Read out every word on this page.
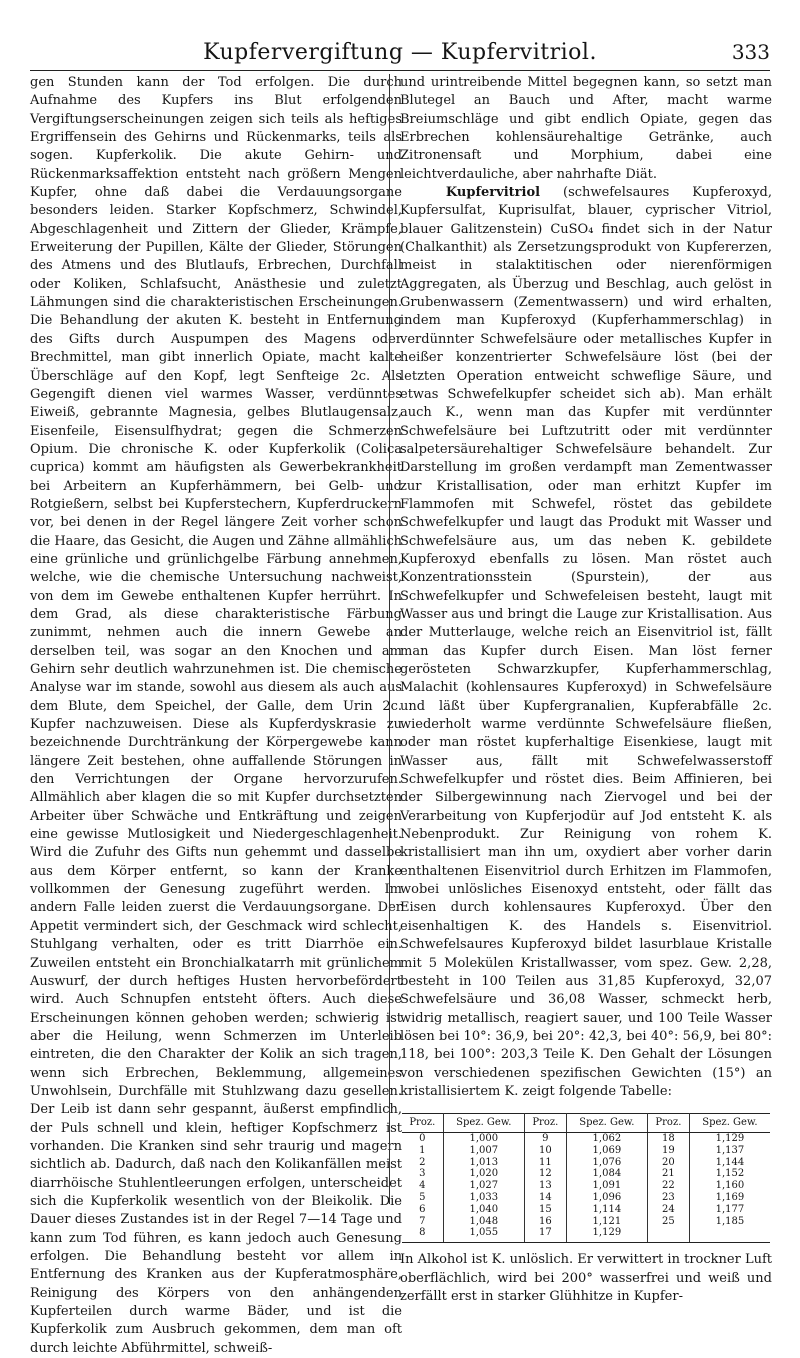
Kupfervergiftung — Kupfervitriol.	333

gen Stunden kann der Tod erfolgen. Die durch Aufnahme des Kupfers ins Blut erfolgenden Vergiftungserscheinungen zeigen sich teils als heftiges Ergriffensein des Gehirns und Rückenmarks, teils als sogen. Kupferkolik. Die akute Gehirn- und Rückenmarksaffektion entsteht nach größern Mengen Kupfer, ohne daß dabei die Verdauungsorgane besonders leiden. Starker Kopfschmerz, Schwindel, Abgeschlagenheit und Zittern der Glieder, Krämpfe, Erweiterung der Pupillen, Kälte der Glieder, Störungen des Atmens und des Blutlaufs, Erbrechen, Durchfall oder Koliken, Schlafsucht, Anästhesie und zuletzt Lähmungen sind die charakteristischen Erscheinungen. Die Behandlung der akuten K. besteht in Entfernung des Gifts durch Auspumpen des Magens oder Brechmittel, man gibt innerlich Opiate, macht kalte Überschläge auf den Kopf, legt Senfteige 2c. Als Gegengift dienen viel warmes Wasser, verdünntes Eiweiß, gebrannte Magnesia, gelbes Blutlaugensalz, Eisenfeile, Eisensulfhydrat; gegen die Schmerzen Opium. Die chronische K. oder Kupferkolik (Colica cuprica) kommt am häufigsten als Gewerbekrankheit bei Arbeitern an Kupferhämmern, bei Gelb- und Rotgießern, selbst bei Kupferstechern, Kupferdruckern vor, bei denen in der Regel längere Zeit vorher schon die Haare, das Gesicht, die Augen und Zähne allmählich eine grünliche und grünlichgelbe Färbung annehmen, welche, wie die chemische Untersuchung nachweist, von dem im Gewebe enthaltenen Kupfer herrührt. In dem Grad, als diese charakteristische Färbung zunimmt, nehmen auch die innern Gewebe an derselben teil, was sogar an den Knochen und am Gehirn sehr deutlich wahrzunehmen ist. Die chemische Analyse war im stande, sowohl aus diesem als auch aus dem Blute, dem Speichel, der Galle, dem Urin 2c. Kupfer nachzuweisen. Diese als Kupferdyskrasie zu bezeichnende Durchtränkung der Körpergewebe kann längere Zeit bestehen, ohne auffallende Störungen in den Verrichtungen der Organe hervorzurufen. Allmählich aber klagen die so mit Kupfer durchsetzten Arbeiter über Schwäche und Entkräftung und zeigen eine gewisse Mutlosigkeit und Niedergeschlagenheit. Wird die Zufuhr des Gifts nun gehemmt und dasselbe aus dem Körper entfernt, so kann der Kranke vollkommen der Genesung zugeführt werden. Im andern Falle leiden zuerst die Verdauungsorgane. Der Appetit vermindert sich, der Geschmack wird schlecht, Stuhlgang verhalten, oder es tritt Diarrhöe ein. Zuweilen entsteht ein Bronchialkatarrh mit grünlichem Auswurf, der durch heftiges Husten hervorbefördert wird. Auch Schnupfen entsteht öfters. Auch diese Erscheinungen können gehoben werden; schwierig ist aber die Heilung, wenn Schmerzen im Unterleib eintreten, die den Charakter der Kolik an sich tragen, wenn sich Erbrechen, Beklemmung, allgemeines Unwohlsein, Durchfälle mit Stuhlzwang dazu gesellen. Der Leib ist dann sehr gespannt, äußerst empfindlich, der Puls schnell und klein, heftiger Kopfschmerz ist vorhanden. Die Kranken sind sehr traurig und magern sichtlich ab. Dadurch, daß nach den Kolikanfällen meist diarrhöische Stuhlentleerungen erfolgen, unterscheidet sich die Kupferkolik wesentlich von der Bleikolik. Die Dauer dieses Zustandes ist in der Regel 7—14 Tage und kann zum Tod führen, es kann jedoch auch Genesung erfolgen. Die Behandlung besteht vor allem in Entfernung des Kranken aus der Kupferatmosphäre, Reinigung des Körpers von den anhängenden Kupferteilen durch warme Bäder, und ist die Kupferkolik zum Ausbruch gekommen, dem man oft durch leichte Abführmittel, schweiß-

und urintreibende Mittel begegnen kann, so setzt man Blutegel an Bauch und After, macht warme Breiumschläge und gibt endlich Opiate, gegen das Erbrechen kohlensäurehaltige Getränke, auch Zitronensaft und Morphium, dabei eine leichtverdauliche, aber nahrhafte Diät.

Kupfervitriol (schwefelsaures Kupferoxyd, Kupfersulfat, Kuprisulfat, blauer, cyprischer Vitriol, blauer Galitzenstein) CuSO₄ findet sich in der Natur (Chalkanthit) als Zersetzungsprodukt von Kupfererzen, meist in stalaktitischen oder nierenförmigen Aggregaten, als Überzug und Beschlag, auch gelöst in Grubenwassern (Zementwassern) und wird erhalten, indem man Kupferoxyd (Kupferhammerschlag) in verdünnter Schwefelsäure oder metallisches Kupfer in heißer konzentrierter Schwefelsäure löst (bei der letzten Operation entweicht schweflige Säure, und etwas Schwefelkupfer scheidet sich ab). Man erhält auch K., wenn man das Kupfer mit verdünnter Schwefelsäure bei Luftzutritt oder mit verdünnter salpetersäurehaltiger Schwefelsäure behandelt. Zur Darstellung im großen verdampft man Zementwasser zur Kristallisation, oder man erhitzt Kupfer im Flammofen mit Schwefel, röstet das gebildete Schwefelkupfer und laugt das Produkt mit Wasser und Schwefelsäure aus, um das neben K. gebildete Kupferoxyd ebenfalls zu lösen. Man röstet auch Konzentrationsstein (Spurstein), der aus Schwefelkupfer und Schwefeleisen besteht, laugt mit Wasser aus und bringt die Lauge zur Kristallisation. Aus der Mutterlauge, welche reich an Eisenvitriol ist, fällt man das Kupfer durch Eisen. Man löst ferner gerösteten Schwarzkupfer, Kupferhammerschlag, Malachit (kohlensaures Kupferoxyd) in Schwefelsäure und läßt über Kupfergranalien, Kupferabfälle 2c. wiederholt warme verdünnte Schwefelsäure fließen, oder man röstet kupferhaltige Eisenkiese, laugt mit Wasser aus, fällt mit Schwefelwasserstoff Schwefelkupfer und röstet dies. Beim Affinieren, bei der Silbergewinnung nach Ziervogel und bei der Verarbeitung von Kupferjodür auf Jod entsteht K. als Nebenprodukt. Zur Reinigung von rohem K. kristallisiert man ihn um, oxydiert aber vorher darin enthaltenen Eisenvitriol durch Erhitzen im Flammofen, wobei unlösliches Eisenoxyd entsteht, oder fällt das Eisen durch kohlensaures Kupferoxyd. Über den eisenhaltigen K. des Handels s. Eisenvitriol. Schwefelsaures Kupferoxyd bildet lasurblaue Kristalle mit 5 Molekülen Kristallwasser, vom spez. Gew. 2,28, besteht in 100 Teilen aus 31,85 Kupferoxyd, 32,07 Schwefelsäure und 36,08 Wasser, schmeckt herb, widrig metallisch, reagiert sauer, und 100 Teile Wasser lösen bei 10°: 36,9, bei 20°: 42,3, bei 40°: 56,9, bei 80°: 118, bei 100°: 203,3 Teile K. Den Gehalt der Lösungen von verschiedenen spezifischen Gewichten (15°) an kristallisiertem K. zeigt folgende Tabelle:

Proz.	Spez. Gew.	Proz.	Spez. Gew.	Proz.	Spez. Gew.
0	1,000	9	1,062	18	1,129
1	1,007	10	1,069	19	1,137
2	1,013	11	1,076	20	1,144
3	1,020	12	1,084	21	1,152
4	1,027	13	1,091	22	1,160
5	1,033	14	1,096	23	1,169
6	1,040	15	1,114	24	1,177
7	1,048	16	1,121	25	1,185
8	1,055	17	1,129		

In Alkohol ist K. unlöslich. Er verwittert in trockner Luft oberflächlich, wird bei 200° wasserfrei und weiß und zerfällt erst in starker Glühhitze in Kupfer-
